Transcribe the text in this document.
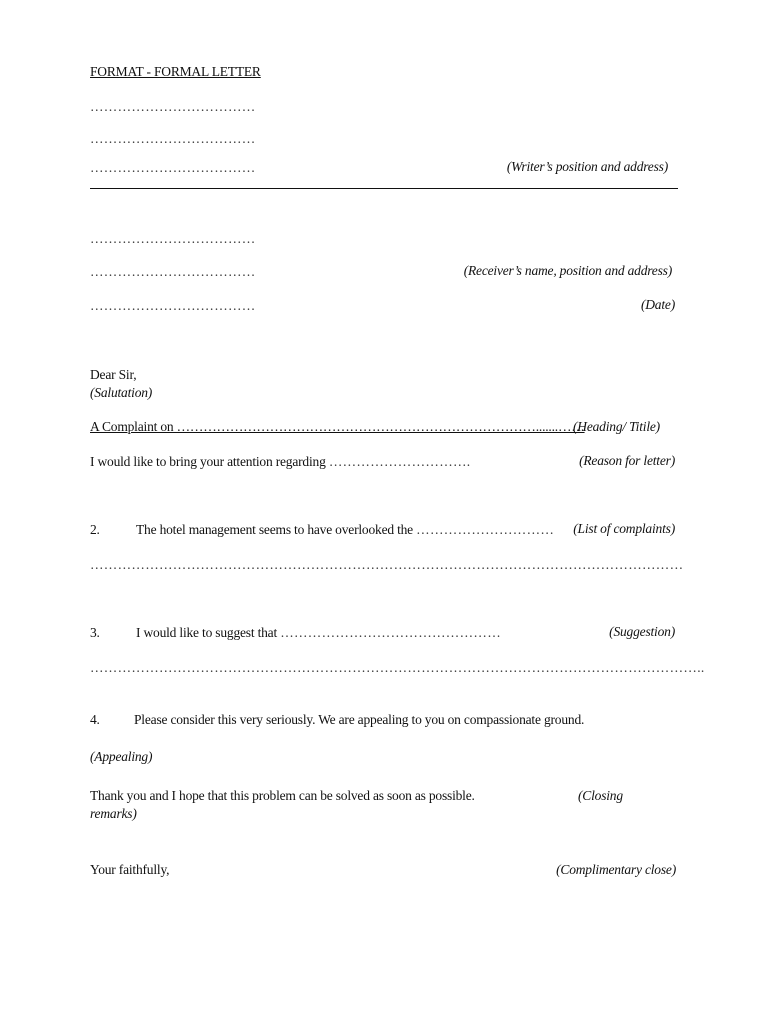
FORMAT - FORMAL LETTER
………………………………
………………………………
………………………………	(Writer’s position and address)
………………………………
………………………………	(Receiver’s name, position and address)
………………………………	(Date)
Dear Sir,
(Salutation)
A Complaint on ……………………………………………………………………….......……
(Heading/ Titile)
I would like to bring your attention regarding ………………………….	(Reason for letter)
2.	The hotel management seems to have overlooked the ………………………… (List of complaints)
…………………………………………………………………………………………………………………
3.	I would like to suggest that …………………………………………	(Suggestion)
……………………………………………………………………………………………………………………..
4.	Please consider this very seriously. We are appealing to you on compassionate ground.
(Appealing)
Thank you and I hope that this problem can be solved as soon as possible.	(Closing
remarks)
Your faithfully,	(Complimentary close)
